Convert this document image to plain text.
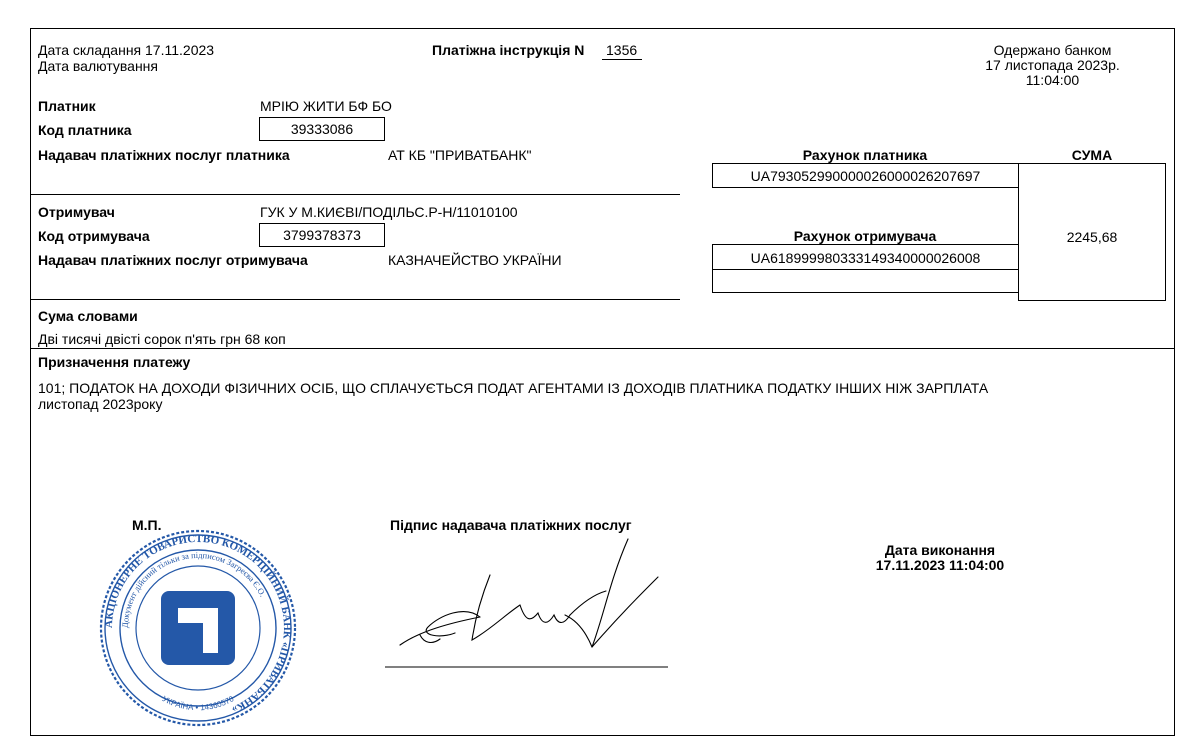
Дата складання 17.11.2023
Дата валютування
Платіжна інструкція N 1356	Одержано банком
17 листопада 2023р.
11:04:00
Платник	МРІЮ ЖИТИ БФ БО
Код платника	39333086
Надавач платіжних послуг платника	АТ КБ "ПРИВАТБАНК"	Рахунок платника	СУМА
UA793052990000026000026207697
2245,68
Отримувач	ГУК У М.КИЄВІ/ПОДІЛЬС.Р-Н/11010100
Код отримувача	3799378373
Надавач платіжних послуг отримувача	КАЗНАЧЕЙСТВО УКРАЇНИ
Рахунок отримувача
UA618999980333149340000026008
Сума словами
Дві тисячі двісті сорок п'ять грн 68 коп
Призначення платежу
101; ПОДАТОК НА ДОХОДИ ФІЗИЧНИХ ОСІБ, ЩО СПЛАЧУЄТЬСЯ ПОДАТ АГЕНТАМИ ІЗ ДОХОДІВ ПЛАТНИКА ПОДАТКУ ІНШИХ НІЖ ЗАРПЛАТА
листопад 2023року
М.П.	Підпис надавача платіжних послуг
Дата виконання
17.11.2023 11:04:00
АКЦІОНЕРНЕ ТОВАРИСТВО КОМЕРЦІЙНИЙ БАНК «ПРИВАТБАНК»
Документ дійсний тільки за підписом Загреєва Є.О.
УКРАЇНА • 14360570
